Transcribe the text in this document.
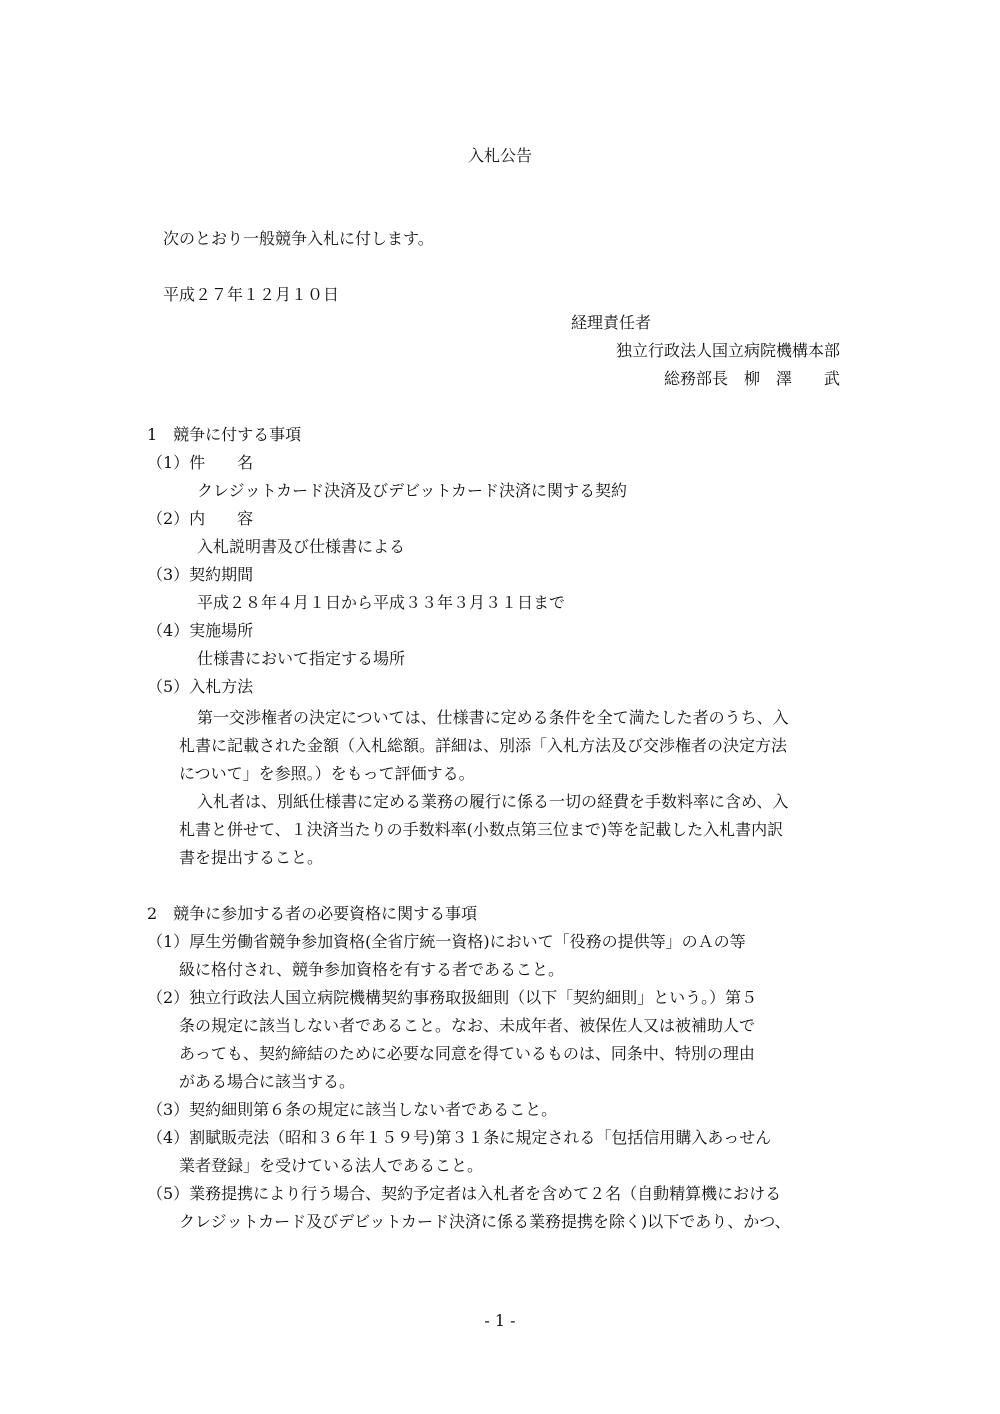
入札公告
次のとおり一般競争入札に付します。
平成２７年１２月１０日
経理責任者
独立行政法人国立病院機構本部
総務部長　柳　澤　　武
1　競争に付する事項
（1）件　　名
クレジットカード決済及びデビットカード決済に関する契約
（2）内　　容
入札説明書及び仕様書による
（3）契約期間
平成２８年４月１日から平成３３年３月３１日まで
（4）実施場所
仕様書において指定する場所
（5）入札方法
第一交渉権者の決定については、仕様書に定める条件を全て満たした者のうち、入
札書に記載された金額（入札総額。詳細は、別添「入札方法及び交渉権者の決定方法
について」を参照。）をもって評価する。
入札者は、別紙仕様書に定める業務の履行に係る一切の経費を手数料率に含め、入
札書と併せて、１決済当たりの手数料率(小数点第三位まで)等を記載した入札書内訳
書を提出すること。
2　競争に参加する者の必要資格に関する事項
（1）厚生労働省競争参加資格(全省庁統一資格)において「役務の提供等」のＡの等
級に格付され、競争参加資格を有する者であること。
（2）独立行政法人国立病院機構契約事務取扱細則（以下「契約細則」という。）第５
条の規定に該当しない者であること。なお、未成年者、被保佐人又は被補助人で
あっても、契約締結のために必要な同意を得ているものは、同条中、特別の理由
がある場合に該当する。
（3）契約細則第６条の規定に該当しない者であること。
（4）割賦販売法（昭和３６年１５９号)第３１条に規定される「包括信用購入あっせん
業者登録」を受けている法人であること。
（5）業務提携により行う場合、契約予定者は入札者を含めて２名（自動精算機における
クレジットカード及びデビットカード決済に係る業務提携を除く)以下であり、かつ、
- 1 -
